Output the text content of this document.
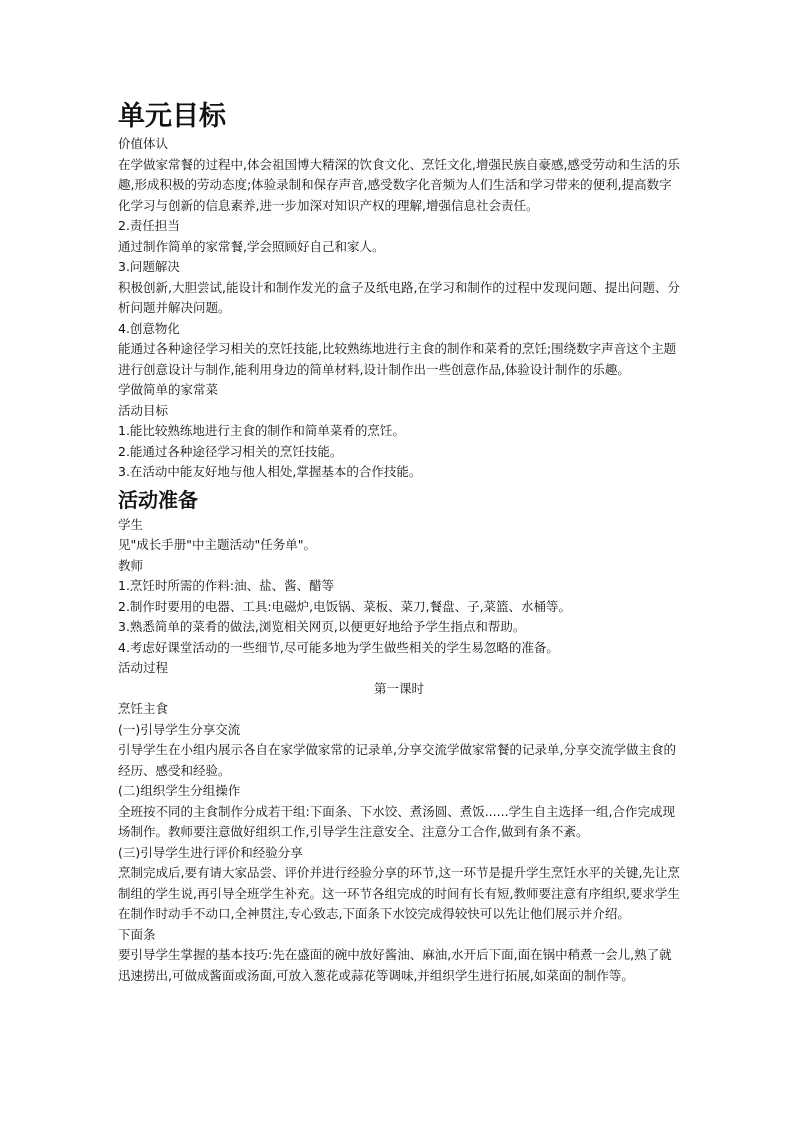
单元目标

价值体认

在学做家常餐的过程中,体会祖国博大精深的饮食文化、烹饪文化,增强民族自豪感,感受劳动和生活的乐趣,形成积极的劳动态度;体验录制和保存声音,感受数字化音频为人们生活和学习带来的便利,提高数字化学习与创新的信息素养,进一步加深对知识产权的理解,增强信息社会责任。

2.责任担当

通过制作简单的家常餐,学会照顾好自己和家人。

3.问题解决

积极创新,大胆尝试,能设计和制作发光的盒子及纸电路,在学习和制作的过程中发现问题、提出问题、分析问题并解决问题。

4.创意物化

能通过各种途径学习相关的烹饪技能,比较熟练地进行主食的制作和菜肴的烹饪;围绕数字声音这个主题进行创意设计与制作,能利用身边的简单材料,设计制作出一些创意作品,体验设计制作的乐趣。

学做简单的家常菜

活动目标

1.能比较熟练地进行主食的制作和简单菜肴的烹饪。

2.能通过各种途径学习相关的烹饪技能。

3.在活动中能友好地与他人相处,掌握基本的合作技能。

活动准备

学生

见"成长手册"中主题活动"任务单"。

教师

1.烹饪时所需的作料:油、盐、酱、醋等

2.制作时要用的电器、工具:电磁炉,电饭锅、菜板、菜刀,餐盘、子,菜篮、水桶等。

3.熟悉简单的菜肴的做法,浏览相关网页,以便更好地给予学生指点和帮助。

4.考虑好课堂活动的一些细节,尽可能多地为学生做些相关的学生易忽略的准备。

活动过程

第一课时

烹饪主食

(一)引导学生分享交流

引导学生在小组内展示各自在家学做家常的记录单,分享交流学做家常餐的记录单,分享交流学做主食的经历、感受和经验。

(二)组织学生分组操作

全班按不同的主食制作分成若干组:下面条、下水饺、煮汤圆、煮饭......学生自主选择一组,合作完成现场制作。教师要注意做好组织工作,引导学生注意安全、注意分工合作,做到有条不紊。

(三)引导学生进行评价和经验分享

烹制完成后,要有请大家品尝、评价并进行经验分享的环节,这一环节是提升学生烹饪水平的关键,先让烹制组的学生说,再引导全班学生补充。这一环节各组完成的时间有长有短,教师要注意有序组织,要求学生在制作时动手不动口,全神贯注,专心致志,下面条下水饺完成得较快可以先让他们展示并介绍。

下面条

要引导学生掌握的基本技巧:先在盛面的碗中放好酱油、麻油,水开后下面,面在锅中稍煮一会儿,熟了就迅速捞出,可做成酱面或汤面,可放入葱花或蒜花等调味,并组织学生进行拓展,如菜面的制作等。
